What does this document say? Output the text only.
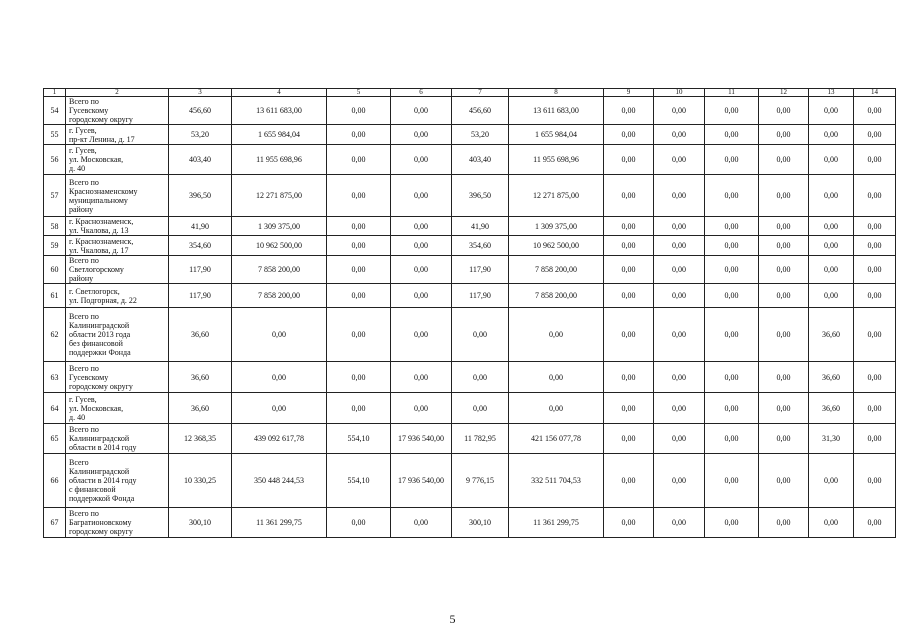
1	2	3	4	5	6	7	8	9	10	11	12	13	14
54	Всего по
Гусевскому
городскому округу	456,60	13 611 683,00	0,00	0,00	456,60	13 611 683,00	0,00	0,00	0,00	0,00	0,00	0,00
55	г. Гусев,
пр-кт Ленина, д. 17	53,20	1 655 984,04	0,00	0,00	53,20	1 655 984,04	0,00	0,00	0,00	0,00	0,00	0,00
56	г. Гусев,
ул. Московская,
д. 40	403,40	11 955 698,96	0,00	0,00	403,40	11 955 698,96	0,00	0,00	0,00	0,00	0,00	0,00
57	Всего по
Краснознаменскому
муниципальному
району	396,50	12 271 875,00	0,00	0,00	396,50	12 271 875,00	0,00	0,00	0,00	0,00	0,00	0,00
58	г. Краснознаменск,
ул. Чкалова, д. 13	41,90	1 309 375,00	0,00	0,00	41,90	1 309 375,00	0,00	0,00	0,00	0,00	0,00	0,00
59	г. Краснознаменск,
ул. Чкалова, д. 17	354,60	10 962 500,00	0,00	0,00	354,60	10 962 500,00	0,00	0,00	0,00	0,00	0,00	0,00
60	Всего по
Светлогорскому
району	117,90	7 858 200,00	0,00	0,00	117,90	7 858 200,00	0,00	0,00	0,00	0,00	0,00	0,00
61	г. Светлогорск,
ул. Подгорная, д. 22	117,90	7 858 200,00	0,00	0,00	117,90	7 858 200,00	0,00	0,00	0,00	0,00	0,00	0,00
62	Всего по
Калининградской
области 2013 года
без финансовой
поддержки Фонда	36,60	0,00	0,00	0,00	0,00	0,00	0,00	0,00	0,00	0,00	36,60	0,00
63	Всего по
Гусевскому
городскому округу	36,60	0,00	0,00	0,00	0,00	0,00	0,00	0,00	0,00	0,00	36,60	0,00
64	г. Гусев,
ул. Московская,
д. 40	36,60	0,00	0,00	0,00	0,00	0,00	0,00	0,00	0,00	0,00	36,60	0,00
65	Всего по
Калининградской
области в 2014 году	12 368,35	439 092 617,78	554,10	17 936 540,00	11 782,95	421 156 077,78	0,00	0,00	0,00	0,00	31,30	0,00
66	Всего
Калининградской
области в 2014 году
с финансовой
поддержкой Фонда	10 330,25	350 448 244,53	554,10	17 936 540,00	9 776,15	332 511 704,53	0,00	0,00	0,00	0,00	0,00	0,00
67	Всего по
Багратионовскому
городскому округу	300,10	11 361 299,75	0,00	0,00	300,10	11 361 299,75	0,00	0,00	0,00	0,00	0,00	0,00
5
